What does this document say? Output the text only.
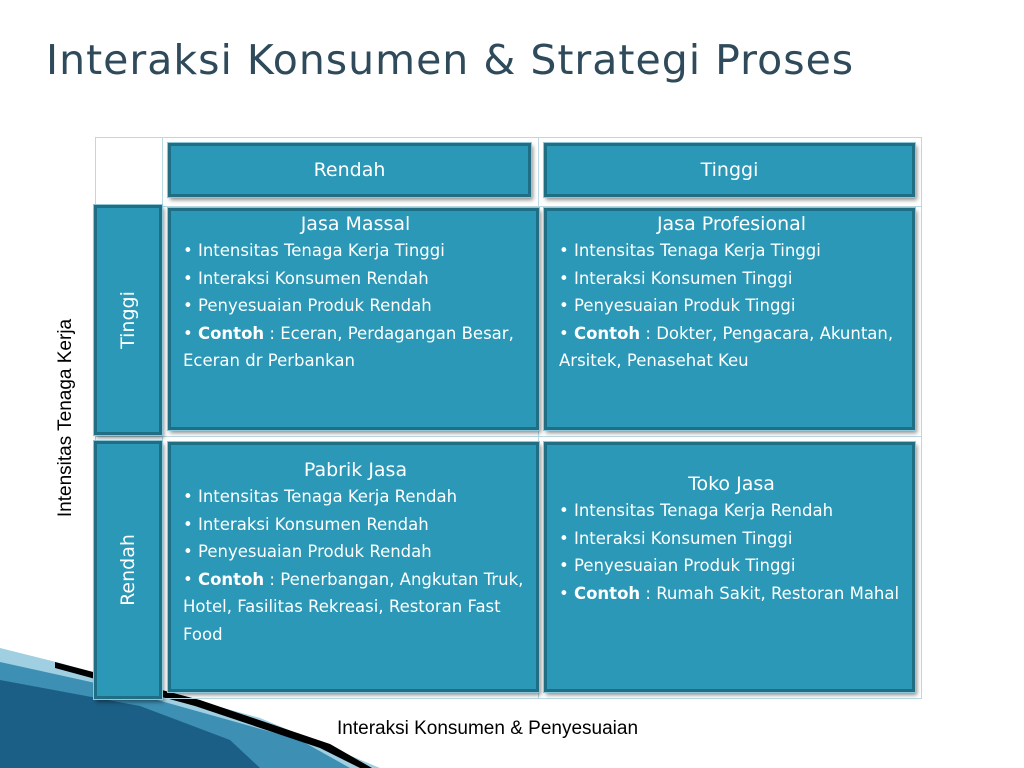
Interaksi Konsumen & Strategi Proses
Rendah	Tinggi
Tinggi
Rendah
Jasa Massal

• Intensitas Tenaga Kerja Tinggi

• Interaksi Konsumen Rendah

• Penyesuaian Produk Rendah

• Contoh : Eceran, Perdagangan Besar, Eceran dr Perbankan

Jasa Profesional

• Intensitas Tenaga Kerja Tinggi

• Interaksi Konsumen Tinggi

• Penyesuaian Produk Tinggi

• Contoh : Dokter, Pengacara, Akuntan, Arsitek, Penasehat Keu

Pabrik Jasa

• Intensitas Tenaga Kerja Rendah

• Interaksi Konsumen Rendah

• Penyesuaian Produk Rendah

• Contoh : Penerbangan, Angkutan Truk, Hotel, Fasilitas Rekreasi, Restoran Fast Food

Toko Jasa

• Intensitas Tenaga Kerja Rendah

• Interaksi Konsumen Tinggi

• Penyesuaian Produk Tinggi

• Contoh : Rumah Sakit, Restoran Mahal

Intensitas Tenaga Kerja
Interaksi Konsumen & Penyesuaian
